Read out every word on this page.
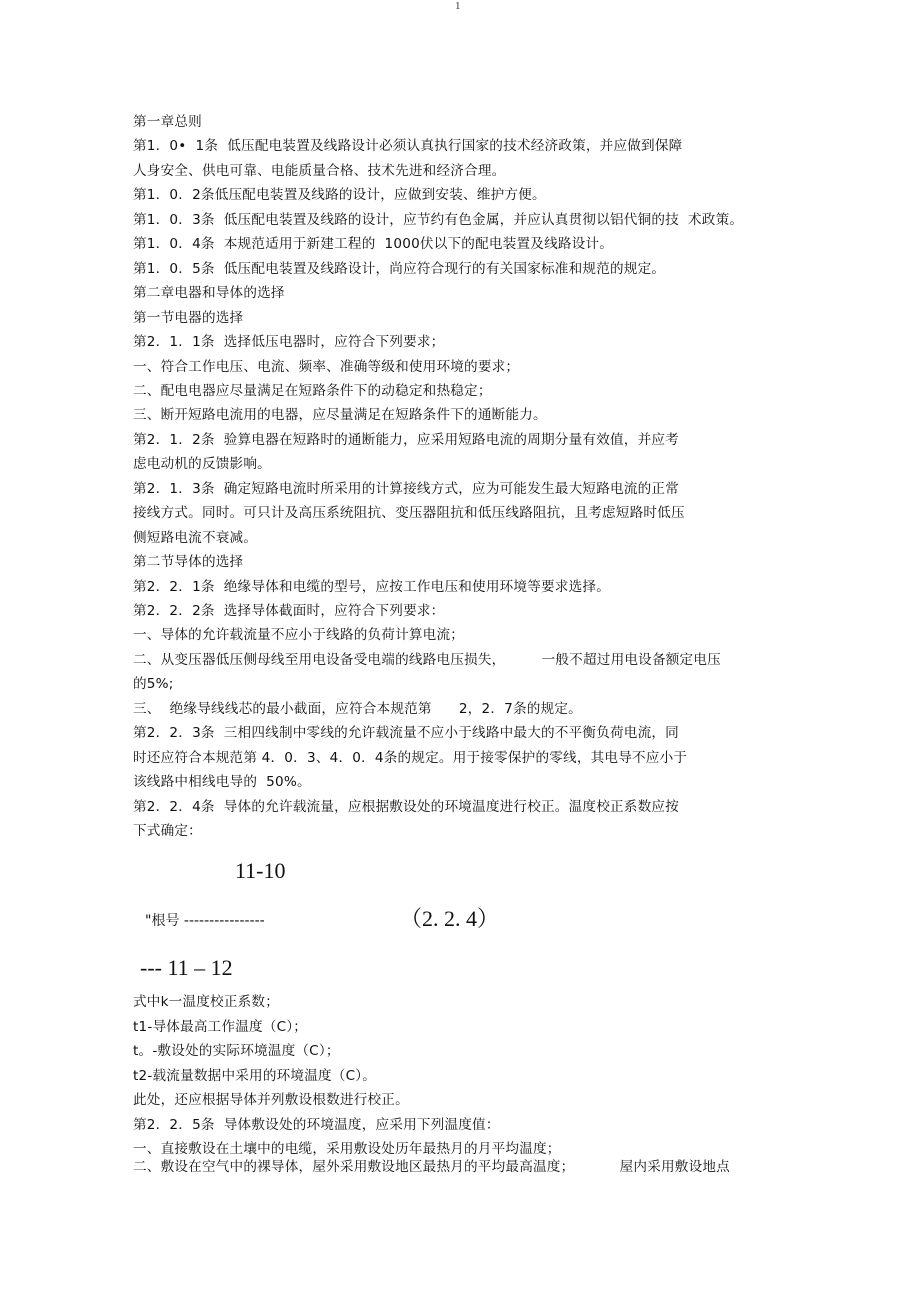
1
第一章总则
第1．0•  1条  低压配电装置及线路设计必须认真执行国家的技术经济政策，并应做到保障
人身安全、供电可靠、电能质量合格、技术先进和经济合理。
第1．0．2条低压配电装置及线路的设计，应做到安装、维护方便。
第1．0．3条  低压配电装置及线路的设计，应节约有色金属，并应认真贯彻以铝代铜的技  术政策。
第1．0．4条  本规范适用于新建工程的  1000伏以下的配电装置及线路设计。
第1．0．5条  低压配电装置及线路设计，尚应符合现行的有关国家标准和规范的规定。
第二章电器和导体的选择
第一节电器的选择
第2．1．1条  选择低压电器时，应符合下列要求；
一、符合工作电压、电流、频率、准确等级和使用环境的要求；
二、配电电器应尽量满足在短路条件下的动稳定和热稳定；
三、断开短路电流用的电器，应尽量满足在短路条件下的通断能力。
第2．1．2条  验算电器在短路时的通断能力，应采用短路电流的周期分量有效值，并应考
虑电动机的反馈影响。
第2．1．3条  确定短路电流时所采用的计算接线方式，应为可能发生最大短路电流的正常
接线方式。同时。可只计及高压系统阻抗、变压器阻抗和低压线路阻抗，且考虑短路时低压
侧短路电流不衰减。
第二节导体的选择
第2．2．1条  绝缘导体和电缆的型号，应按工作电压和使用环境等要求选择。
第2．2．2条  选择导体截面时，应符合下列要求：
一、导体的允许载流量不应小于线路的负荷计算电流；
二、从变压器低压侧母线至用电设备受电端的线路电压损失，        一般不超过用电设备额定电压
的5%;
三、  绝缘导线线芯的最小截面，应符合本规范第      2，2．7条的规定。
第2．2．3条  三相四线制中零线的允许载流量不应小于线路中最大的不平衡负荷电流，同
时还应符合本规范第 4．0．3、4．0．4条的规定。用于接零保护的零线，其电导不应小于
该线路中相线电导的  50%。
第2．2．4条  导体的允许载流量，应根据敷设处的环境温度进行校正。温度校正系数应按
下式确定：
11-10
"根号 ----------------	（2. 2. 4）
--- 11 – 12
式中k一温度校正系数；
t1-导体最高工作温度（C）；
t。-敷设处的实际环境温度（C）；
t2-载流量数据中采用的环境温度（C）。
此处，还应根据导体并列敷设根数进行校正。
第2．2．5条  导体敷设处的环境温度，应采用下列温度值：
一、直接敷设在土壤中的电缆，采用敷设处历年最热月的月平均温度；
二、敷设在空气中的裸导体，屋外采用敷设地区最热月的平均最高温度；          屋内采用敷设地点
